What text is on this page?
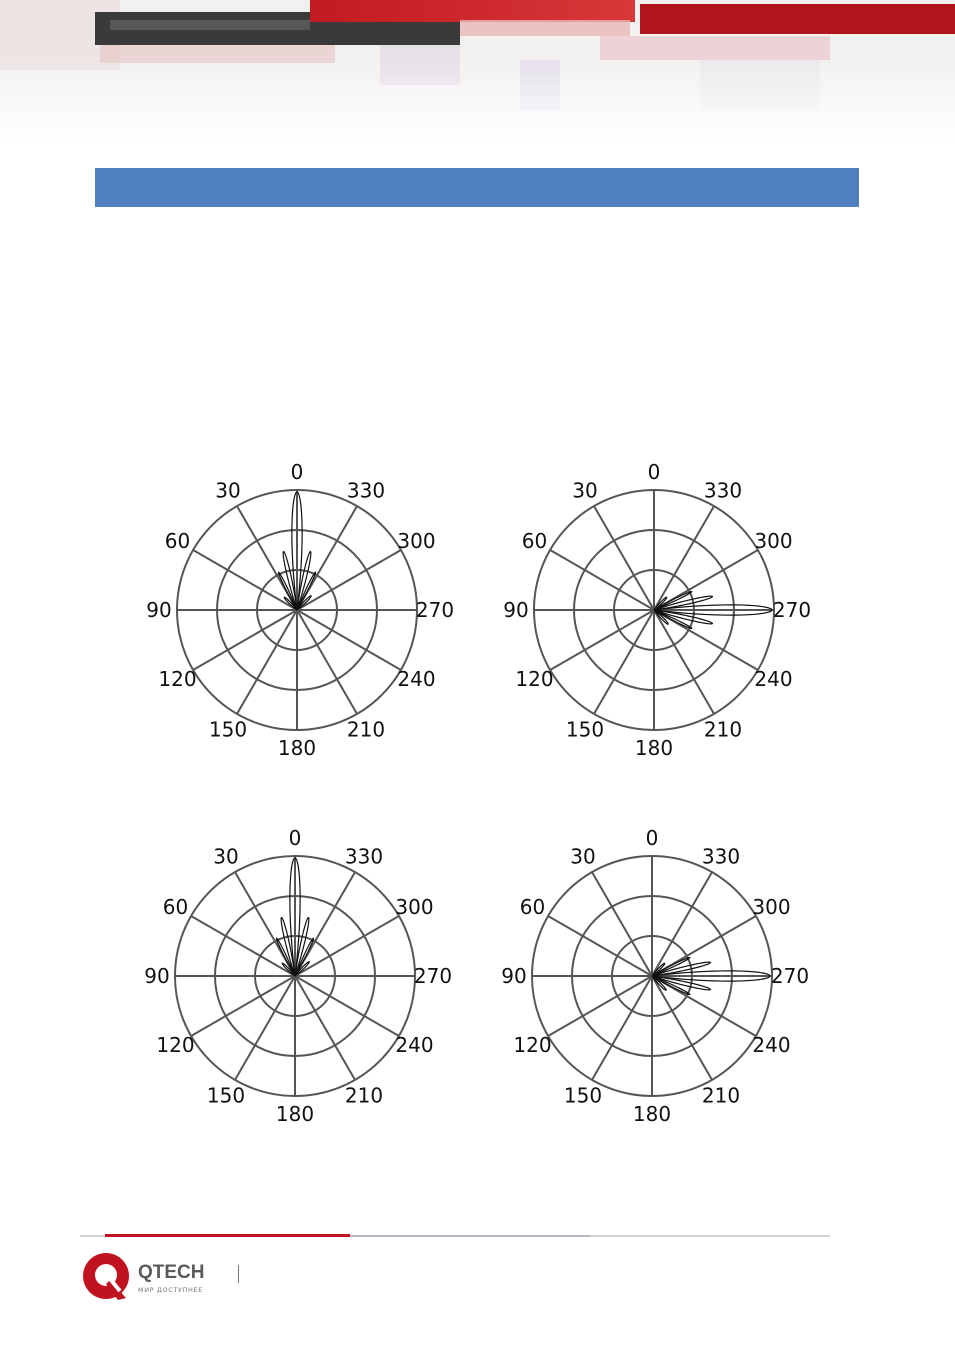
0
30
60
90
120
150
180
210
240
270
300
330
0
30
60
90
120
150
180
210
240
270
300
330
0
30
60
90
120
150
180
210
240
270
300
330
0
30
60
90
120
150
180
210
240
270
300
330
QTECH
МИР ДОСТУПНЕЕ
